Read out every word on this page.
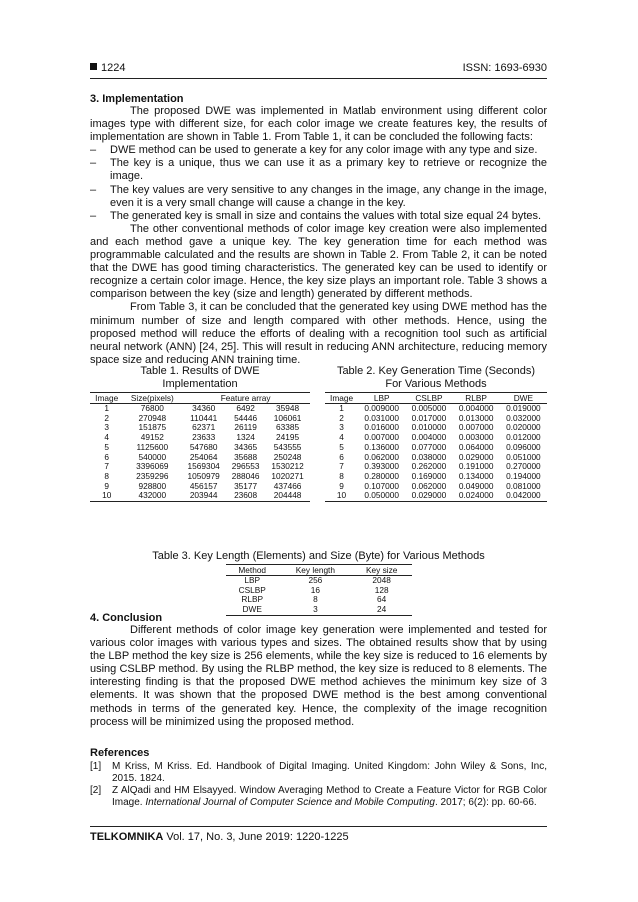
1224	ISSN: 1693-6930
3. Implementation

The proposed DWE was implemented in Matlab environment using different color images type with different size, for each color image we create features key, the results of implementation are shown in Table 1. From Table 1, it can be concluded the following facts:

– DWE method can be used to generate a key for any color image with any type and size.
– The key is a unique, thus we can use it as a primary key to retrieve or recognize the image.
– The key values are very sensitive to any changes in the image, any change in the image, even it is a very small change will cause a change in the key.
– The generated key is small in size and contains the values with total size equal 24 bytes.

The other conventional methods of color image key creation were also implemented and each method gave a unique key. The key generation time for each method was programmable calculated and the results are shown in Table 2. From Table 2, it can be noted that the DWE has good timing characteristics. The generated key can be used to identify or recognize a certain color image. Hence, the key size plays an important role. Table 3 shows a comparison between the key (size and length) generated by different methods.

From Table 3, it can be concluded that the generated key using DWE method has the minimum number of size and length compared with other methods. Hence, using the proposed method will reduce the efforts of dealing with a recognition tool such as artificial neural network (ANN) [24, 25]. This will result in reducing ANN architecture, reducing memory space size and reducing ANN training time.

Table 1. Results of DWE Implementation
Image	Size(pixels)	Feature array		
1	76800	34360	6492	35948
2	270948	110441	54446	106061
3	151875	62371	26119	63385
4	49152	23633	1324	24195
5	1125600	547680	34365	543555
6	540000	254064	35688	250248
7	3396069	1569304	296553	1530212
8	2359296	1050979	288046	1020271
9	928800	456157	35177	437466
10	432000	203944	23608	204448
Table 2. Key Generation Time (Seconds) For Various Methods
Image	LBP	CSLBP	RLBP	DWE
1	0.009000	0.005000	0.004000	0.019000
2	0.031000	0.017000	0.013000	0.032000
3	0.016000	0.010000	0.007000	0.020000
4	0.007000	0.004000	0.003000	0.012000
5	0.136000	0.077000	0.064000	0.096000
6	0.062000	0.038000	0.029000	0.051000
7	0.393000	0.262000	0.191000	0.270000
8	0.280000	0.169000	0.134000	0.194000
9	0.107000	0.062000	0.049000	0.081000
10	0.050000	0.029000	0.024000	0.042000
Table 3. Key Length (Elements) and Size (Byte) for Various Methods
Method	Key length	Key size
LBP	256	2048
CSLBP	16	128
RLBP	8	64
DWE	3	24
4. Conclusion

Different methods of color image key generation were implemented and tested for various color images with various types and sizes. The obtained results show that by using the LBP method the key size is 256 elements, while the key size is reduced to 16 elements by using CSLBP method. By using the RLBP method, the key size is reduced to 8 elements. The interesting finding is that the proposed DWE method achieves the minimum key size of 3 elements. It was shown that the proposed DWE method is the best among conventional methods in terms of the generated key. Hence, the complexity of the image recognition process will be minimized using the proposed method.

References
[1]	M Kriss, M Kriss. Ed. Handbook of Digital Imaging. United Kingdom: John Wiley & Sons, Inc, 2015. 1824.
[2]	Z AlQadi and HM Elsayyed. Window Averaging Method to Create a Feature Victor for RGB Color Image. International Journal of Computer Science and Mobile Computing. 2017; 6(2): pp. 60-66.
TELKOMNIKA Vol. 17, No. 3, June 2019: 1220-1225
